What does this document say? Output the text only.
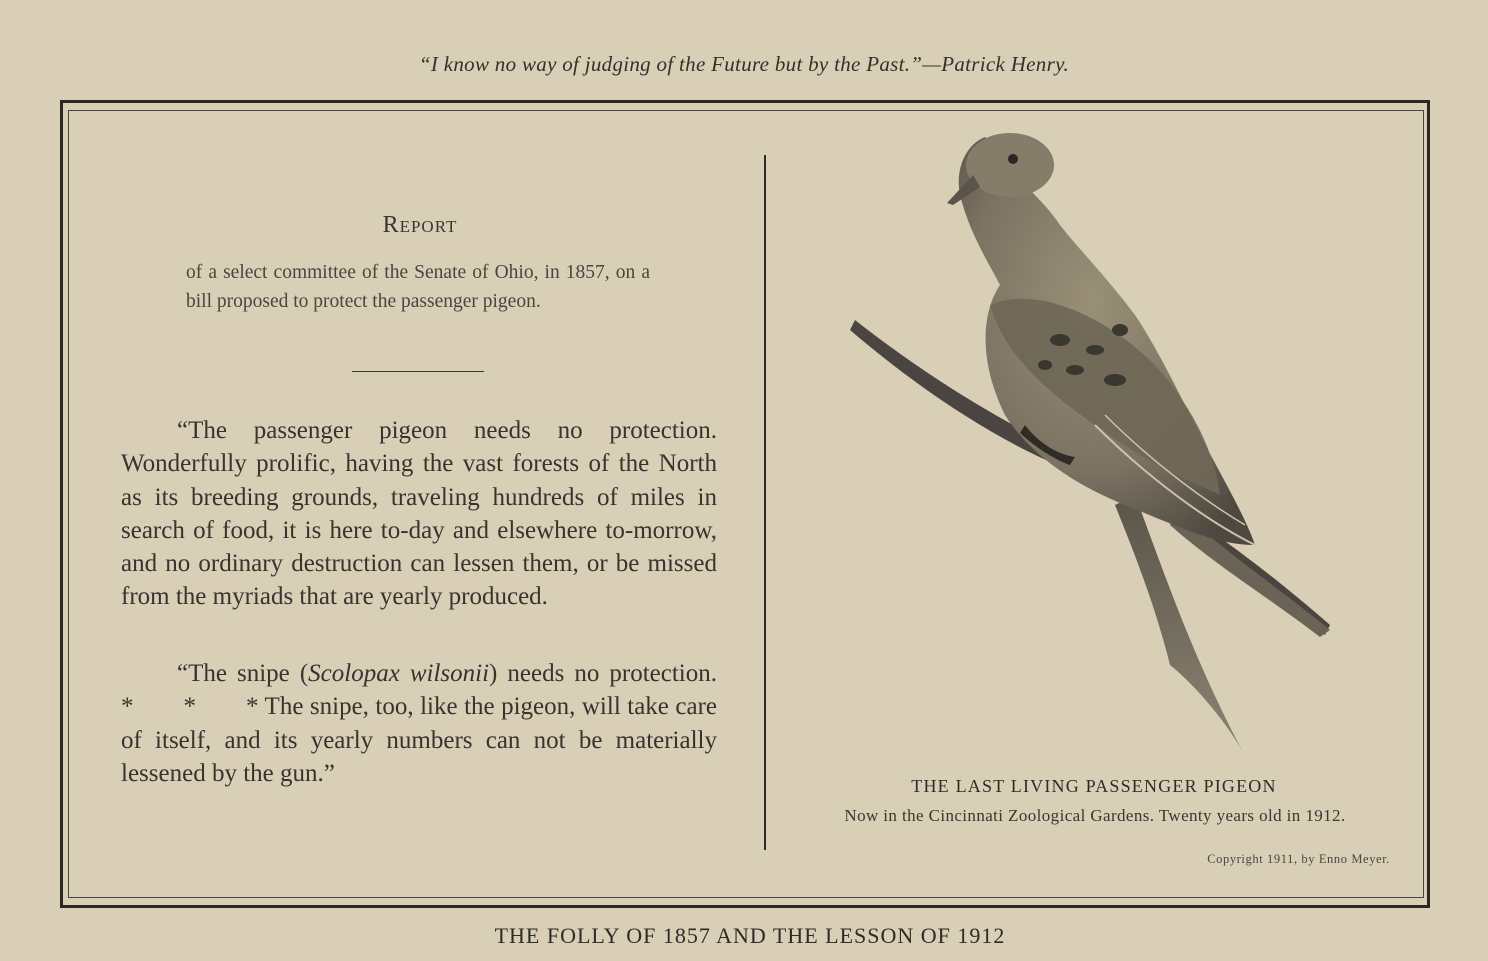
“I know no way of judging of the Future but by the Past.”—Patrick Henry.
Report
of a select committee of the Senate of Ohio, in 1857, on a bill proposed to protect the passenger pigeon.

“The passenger pigeon needs no protection. Wonderfully prolific, having the vast forests of the North as its breeding grounds, traveling hundreds of miles in search of food, it is here to-day and elsewhere to-morrow, and no ordinary destruction can lessen them, or be missed from the myriads that are yearly produced.

“The snipe (Scolopax wilsonii) needs no protection. *  *  * The snipe, too, like the pigeon, will take care of itself, and its yearly numbers can not be materially lessened by the gun.”	THE LAST LIVING PASSENGER PIGEON
Now in the Cincinnati Zoological Gardens. Twenty years old in 1912.
Copyright 1911, by Enno Meyer.
THE FOLLY OF 1857 AND THE LESSON OF 1912
